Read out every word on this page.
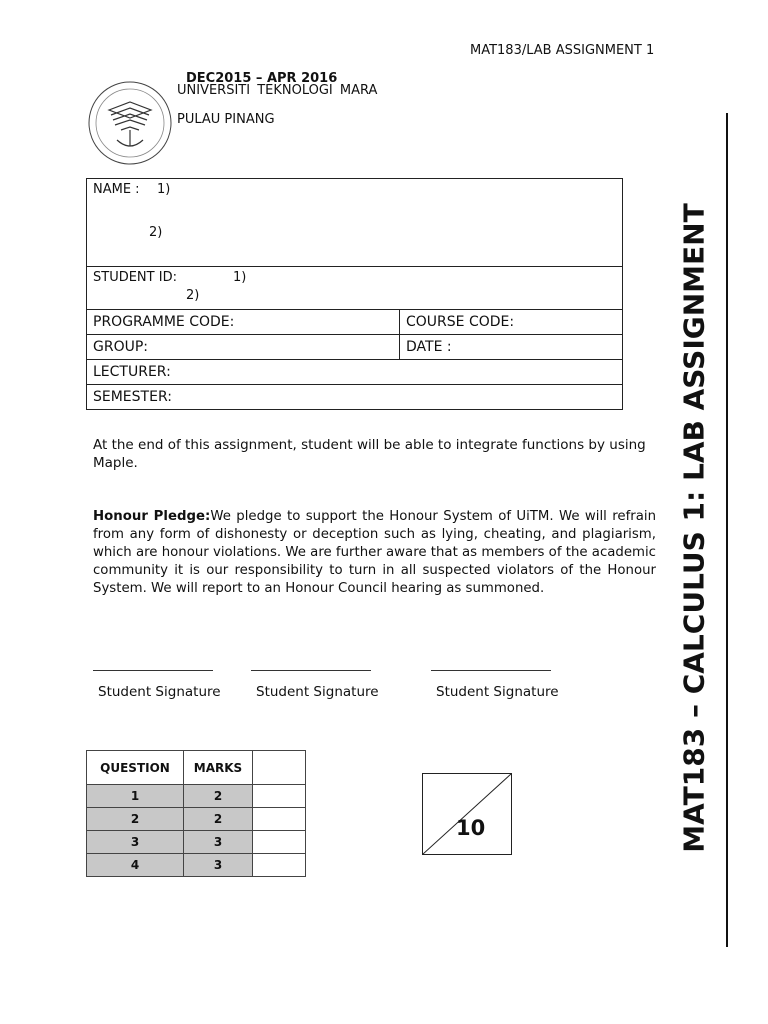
MAT183/LAB ASSIGNMENT 1
DEC2015 – APR 2016
UNIVERSITI TEKNOLOGI MARA
PULAU PINANG
NAME : 1)
2)	

STUDENT ID: 1)
2)	

PROGRAMME CODE:	COURSE CODE:
GROUP:	DATE :
LECTURER:	
SEMESTER:	
At the end of this assignment, student will be able to integrate functions by using Maple.
Honour Pledge:We pledge to support the Honour System of UiTM. We will refrain from any form of dishonesty or deception such as lying, cheating, and plagiarism, which are honour violations. We are further aware that as members of the academic community it is our responsibility to turn in all suspected violators of the Honour System. We will report to an Honour Council hearing as summoned.
Student Signature	Student Signature	Student Signature
QUESTION	MARKS	
1	2	
2	2	
3	3	
4	3	
10	MAT183 – CALCULUS 1: LAB ASSIGNMENT
